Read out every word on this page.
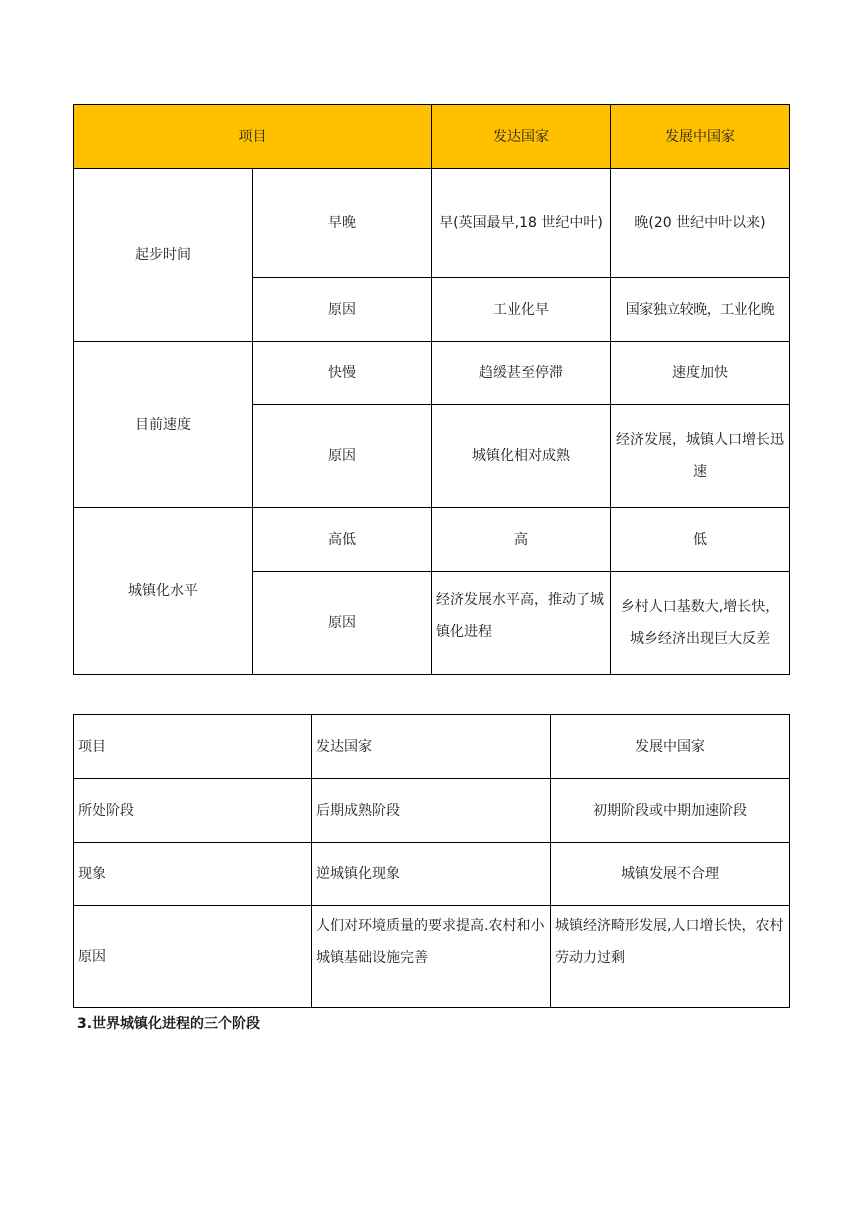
项目		发达国家	发展中国家
起步时间	早晚	早(英国最早,18 世纪中叶)	晚(20 世纪中叶以来)
	原因	工业化早	国家独立较晚，工业化晚
目前速度	快慢	趋缓甚至停滞	速度加快
	原因	城镇化相对成熟	经济发展，城镇人口增长迅速
城镇化水平	高低	高	低
	原因	经济发展水平高，推动了城镇化进程	乡村人口基数大,增长快，城乡经济出现巨大反差
项目	发达国家	发展中国家
所处阶段	后期成熟阶段	初期阶段或中期加速阶段
现象	逆城镇化现象	城镇发展不合理
原因	人们对环境质量的要求提高.农村和小城镇基础设施完善	城镇经济畸形发展,人口增长快，农村劳动力过剩
3.世界城镇化进程的三个阶段
